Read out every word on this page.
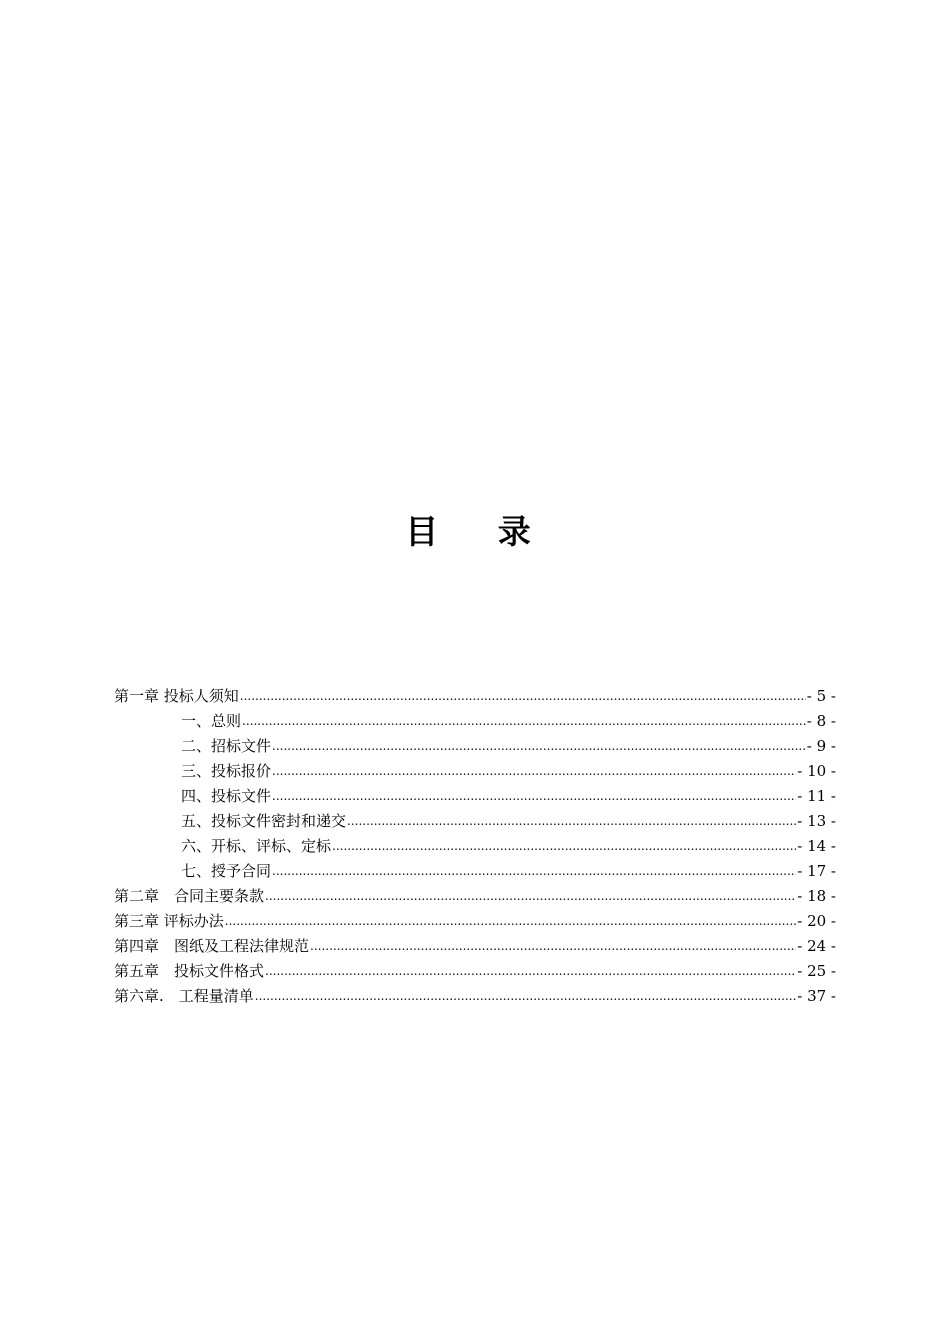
目 录
第一章 投标人须知 .....	- 5 -
一、总则 .....	- 8 -
二、招标文件 .....	- 9 -
三、投标报价 .....	- 10 -
四、投标文件 .....	- 11 -
五、投标文件密封和递交 .....	- 13 -
六、开标、评标、定标 .....	- 14 -
七、授予合同 .....	- 17 -
第二章　合同主要条款 .....	- 18 -
第三章 评标办法 .....	- 20 -
第四章　图纸及工程法律规范 .....	- 24 -
第五章　投标文件格式 .....	- 25 -
第六章.　工程量清单 .....	- 37 -
